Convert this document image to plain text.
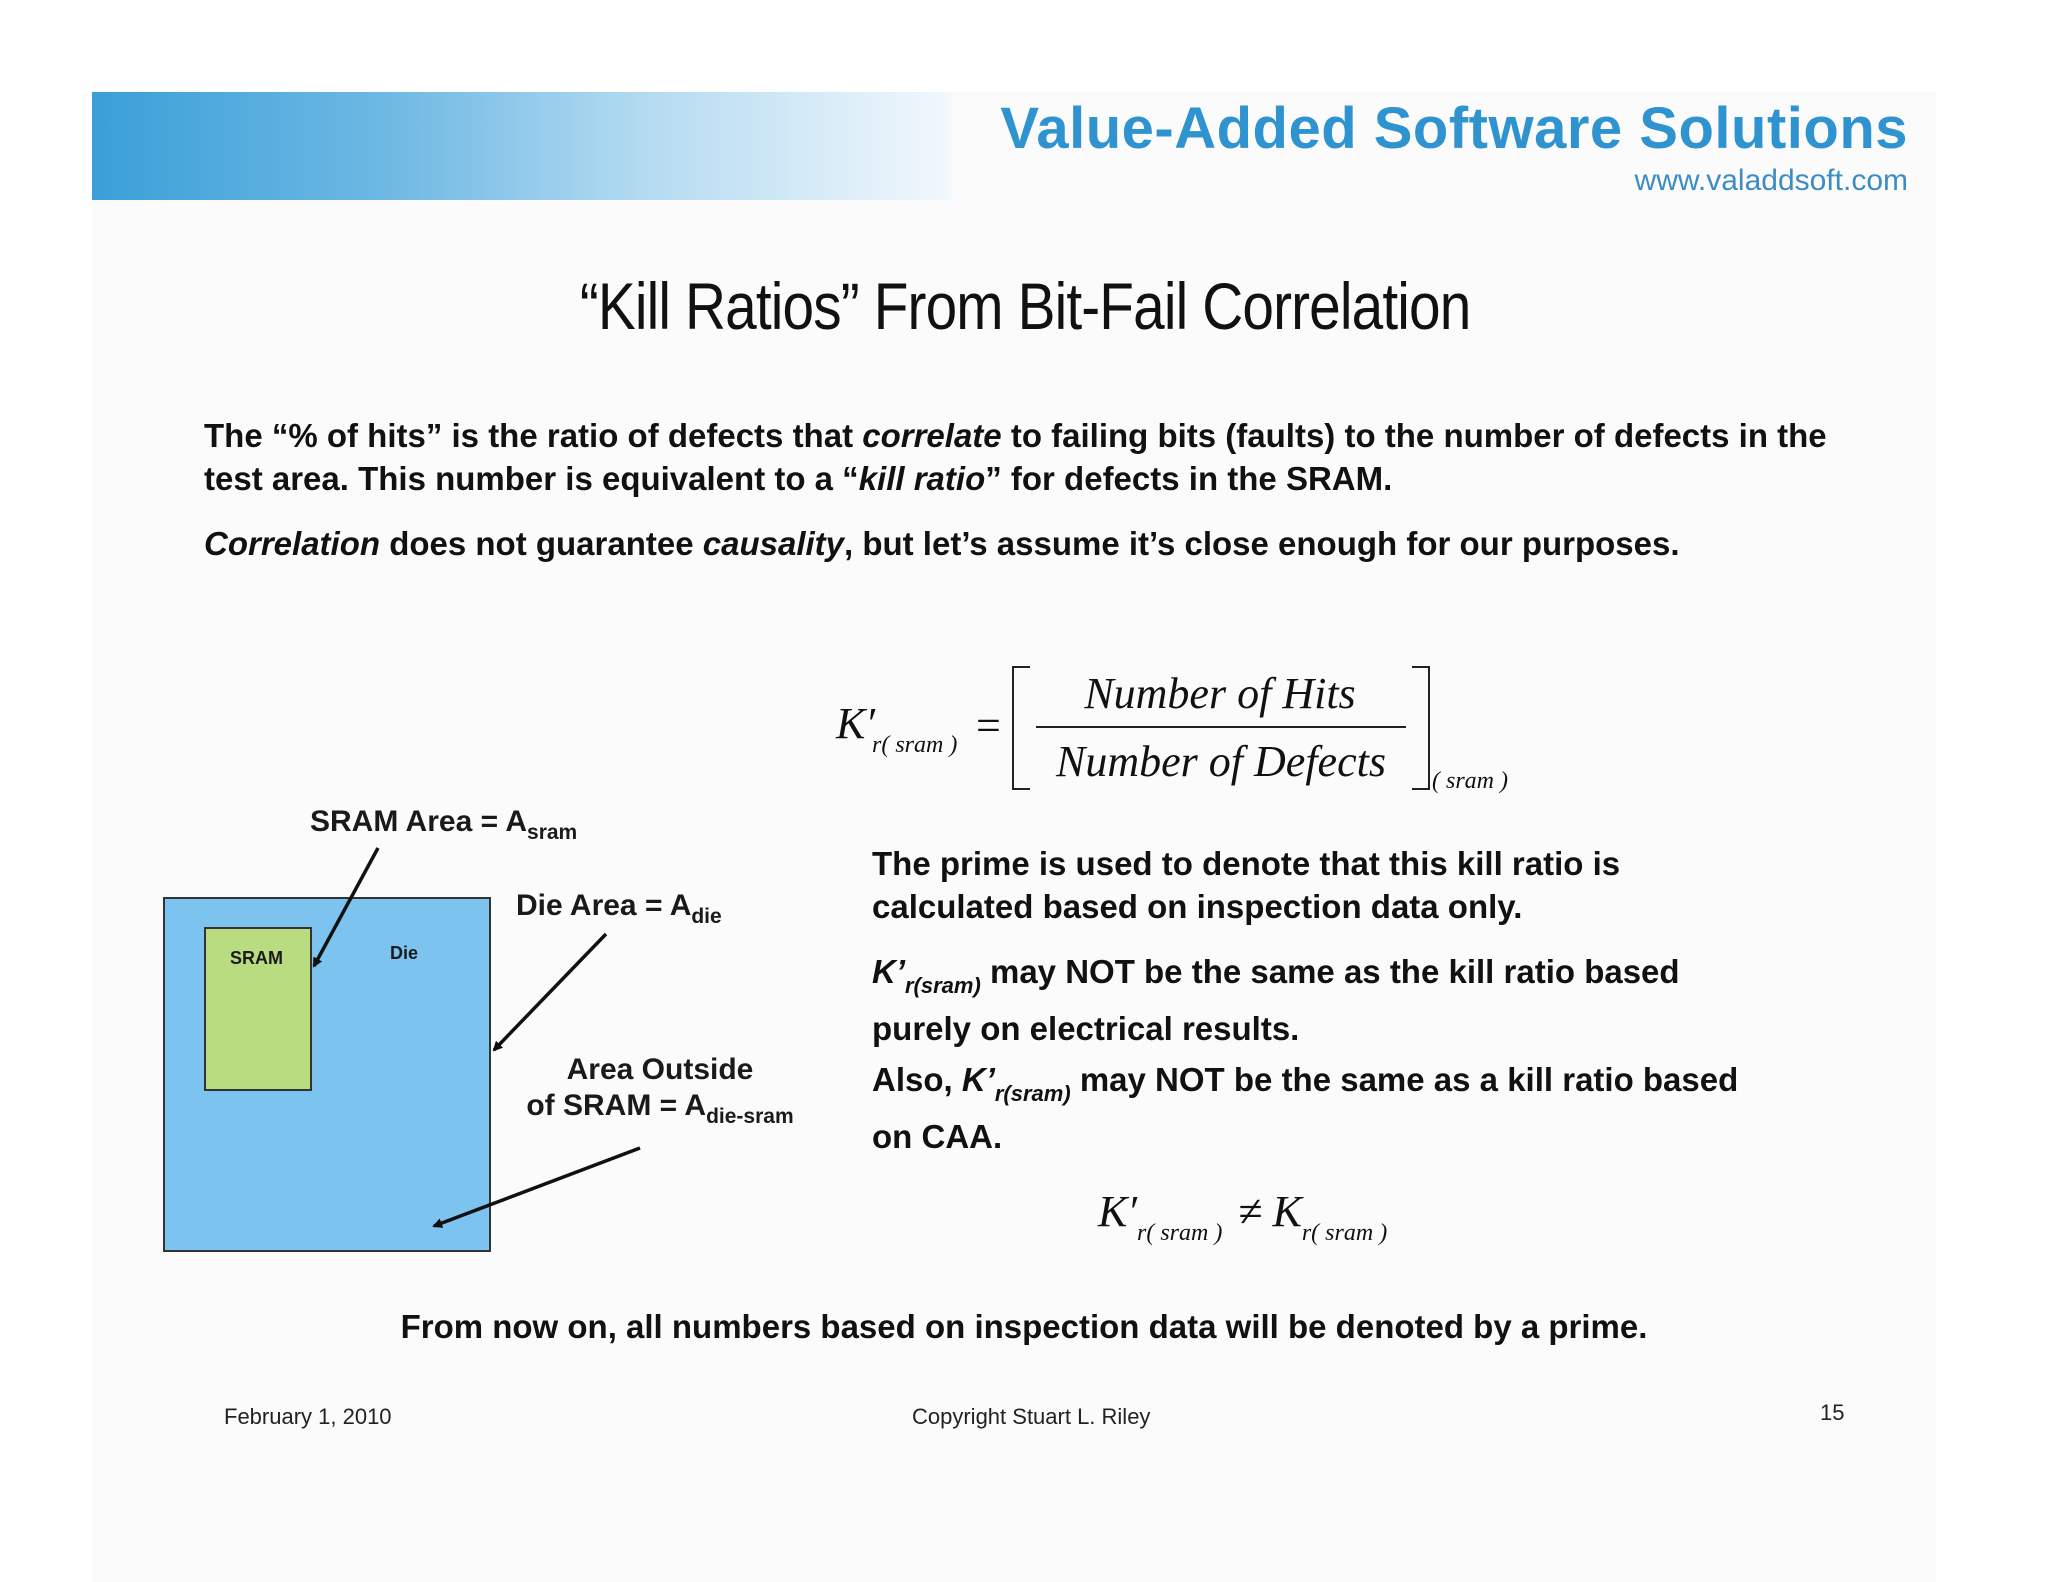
Value-Added Software Solutions
www.valaddsoft.com
“Kill Ratios” From Bit-Fail Correlation
The “% of hits” is the ratio of defects that correlate to failing bits (faults) to the number of defects in the test area. This number is equivalent to a “kill ratio” for defects in the SRAM.
Correlation does not guarantee causality, but let’s assume it’s close enough for our purposes.
K′
r( sram ) =
Number of Hits
Number of Defects	( sram )
SRAM Area = $A_{sram}$
Die Area = $A_{die}$
Area Outside
of SRAM = $A_{die-sram}$
SRAM	Die
The prime is used to denote that this kill ratio is calculated based on inspection data only.
$K’_{r(sram)}$ may NOT be the same as the kill ratio based purely on electrical results.
Also, $K’_{r(sram)}$ may NOT be the same as a kill ratio based on CAA.
$K'_{r( sram )} \ne K_{r( sram )}$
From now on, all numbers based on inspection data will be denoted by a prime.
February 1, 2010	Copyright Stuart L. Riley	15
